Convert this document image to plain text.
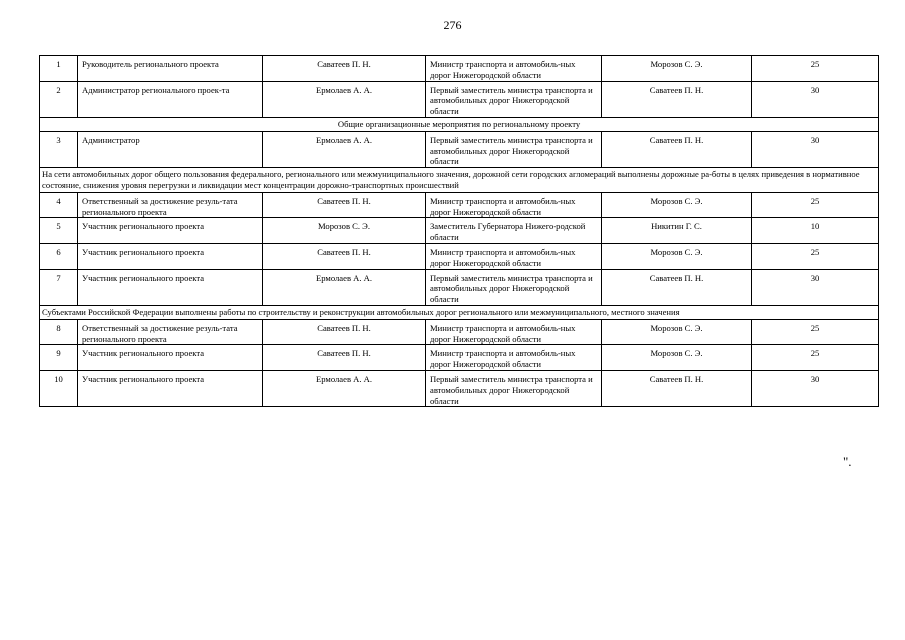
276
1	Руководитель регионального проекта	Саватеев П. Н.	Министр транспорта и автомобиль-ных дорог Нижегородской области	Морозов С. Э.	25
2	Администратор регионального проек-та	Ермолаев А. А.	Первый заместитель министра транспорта и автомобильных дорог Нижегородской области	Саватеев П. Н.	30
Общие организационные мероприятия по региональному проекту					
3	Администратор	Ермолаев А. А.	Первый заместитель министра транспорта и автомобильных дорог Нижегородской области	Саватеев П. Н.	30
На сети автомобильных дорог общего пользования федерального, регионального или межмуниципального значения, дорожной сети городских агломераций выполнены дорожные ра-боты в целях приведения в нормативное состояние, снижения уровня перегрузки и ликвидации мест концентрации дорожно-транспортных происшествий					
4	Ответственный за достижение резуль-тата регионального проекта	Саватеев П. Н.	Министр транспорта и автомобиль-ных дорог Нижегородской области	Морозов С. Э.	25
5	Участник регионального проекта	Морозов С. Э.	Заместитель Губернатора Нижего-родской области	Никитин Г. С.	10
6	Участник регионального проекта	Саватеев П. Н.	Министр транспорта и автомобиль-ных дорог Нижегородской области	Морозов С. Э.	25
7	Участник регионального проекта	Ермолаев А. А.	Первый заместитель министра транспорта и автомобильных дорог Нижегородской области	Саватеев П. Н.	30
Субъектами Российской Федерации выполнены работы по строительству и реконструкции автомобильных дорог регионального или межмуниципального, местного значения					
8	Ответственный за достижение резуль-тата регионального проекта	Саватеев П. Н.	Министр транспорта и автомобиль-ных дорог Нижегородской области	Морозов С. Э.	25
9	Участник регионального проекта	Саватеев П. Н.	Министр транспорта и автомобиль-ных дорог Нижегородской области	Морозов С. Э.	25
10	Участник регионального проекта	Ермолаев А. А.	Первый заместитель министра транспорта и автомобильных дорог Нижегородской области	Саватеев П. Н.	30
".
